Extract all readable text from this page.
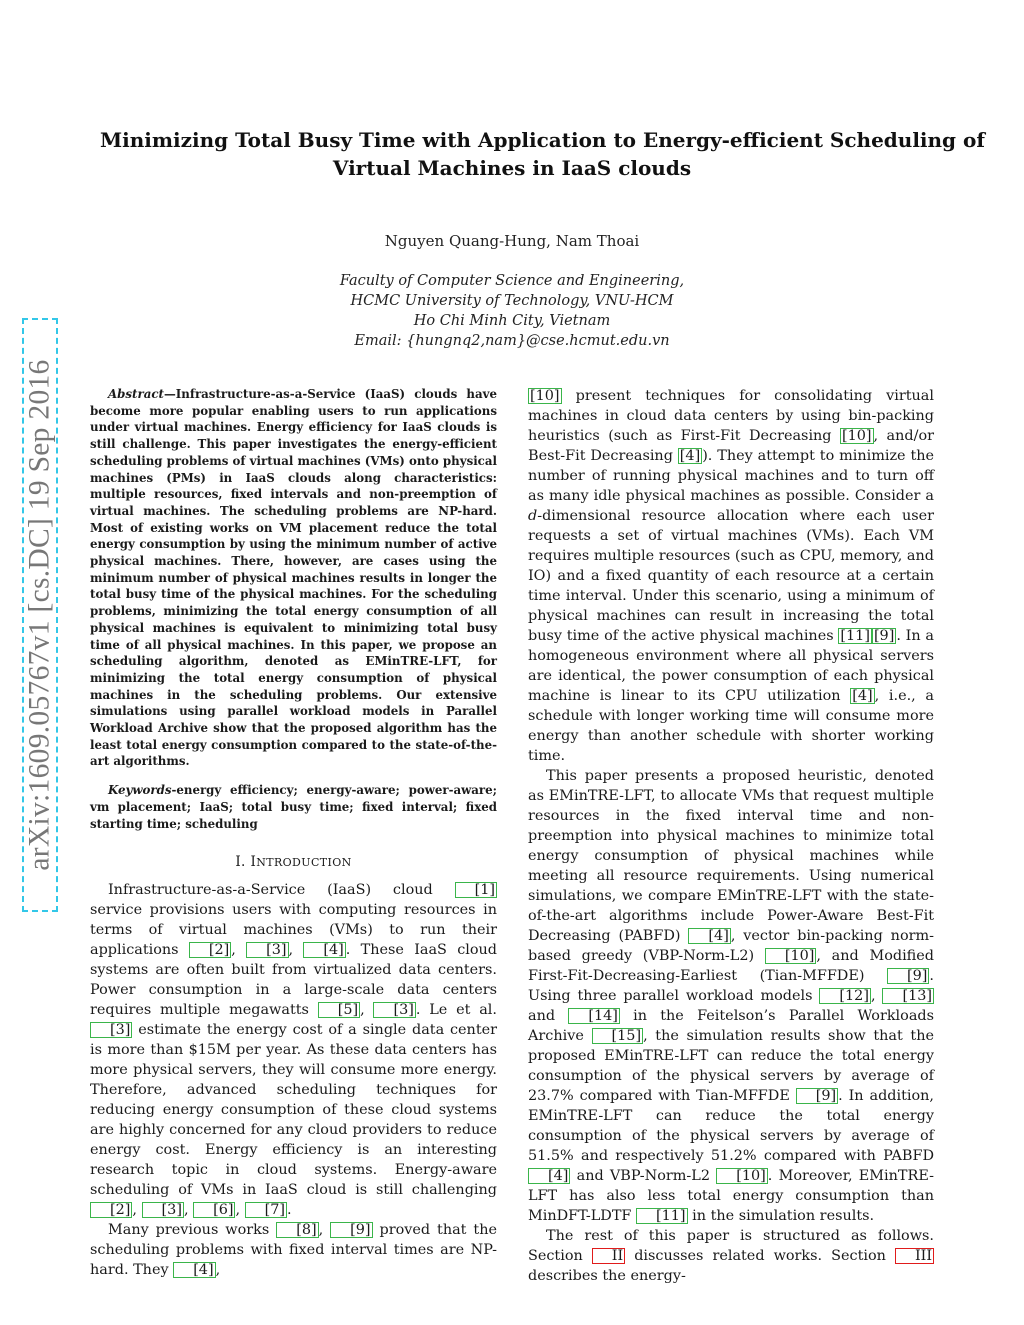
Minimizing Total Busy Time with Application to Energy-efficient Scheduling of
Virtual Machines in IaaS clouds
Nguyen Quang-Hung, Nam Thoai
Faculty of Computer Science and Engineering,
HCMC University of Technology, VNU-HCM
Ho Chi Minh City, Vietnam
Email: {hungnq2,nam}@cse.hcmut.edu.vn
arXiv:1609.05767v1 [cs.DC] 19 Sep 2016	Abstract—Infrastructure-as-a-Service (IaaS) clouds have become more popular enabling users to run applications under virtual machines. Energy efficiency for IaaS clouds is still challenge. This paper investigates the energy-efficient scheduling problems of virtual machines (VMs) onto physical machines (PMs) in IaaS clouds along characteristics: multiple resources, fixed intervals and non-preemption of virtual machines. The scheduling problems are NP-hard. Most of existing works on VM placement reduce the total energy consumption by using the minimum number of active physical machines. There, however, are cases using the minimum number of physical machines results in longer the total busy time of the physical machines. For the scheduling problems, minimizing the total energy consumption of all physical machines is equivalent to minimizing total busy time of all physical machines. In this paper, we propose an scheduling algorithm, denoted as EMinTRE-LFT, for minimizing the total energy consumption of physical machines in the scheduling problems. Our extensive simulations using parallel workload models in Parallel Workload Archive show that the proposed algorithm has the least total energy consumption compared to the state-of-the-art algorithms.

Keywords-energy efficiency; energy-aware; power-aware; vm placement; IaaS; total busy time; fixed interval; fixed starting time; scheduling

I. INTRODUCTION

Infrastructure-as-a-Service (IaaS) cloud [1] service provisions users with computing resources in terms of virtual machines (VMs) to run their applications [2] , [3] , [4] . These IaaS cloud systems are often built from virtualized data centers. Power consumption in a large-scale data centers requires multiple megawatts [5] , [3] . Le et al. [3] estimate the energy cost of a single data center is more than $15M per year. As these data centers has more physical servers, they will consume more energy. Therefore, advanced scheduling techniques for reducing energy consumption of these cloud systems are highly concerned for any cloud providers to reduce energy cost. Energy efficiency is an interesting research topic in cloud systems. Energy-aware scheduling of VMs in IaaS cloud is still challenging [2] , [3] , [6] , [7] .

Many previous works [8] , [9] proved that the scheduling problems with fixed interval times are NP-hard. They [4] ,

[10] present techniques for consolidating virtual machines in cloud data centers by using bin-packing heuristics (such as First-Fit Decreasing [10] , and/or Best-Fit Decreasing [4] ). They attempt to minimize the number of running physical machines and to turn off as many idle physical machines as possible. Consider a d-dimensional resource allocation where each user requests a set of virtual machines (VMs). Each VM requires multiple resources (such as CPU, memory, and IO) and a fixed quantity of each resource at a certain time interval. Under this scenario, using a minimum of physical machines can result in increasing the total busy time of the active physical machines [11] [9] . In a homogeneous environment where all physical servers are identical, the power consumption of each physical machine is linear to its CPU utilization [4] , i.e., a schedule with longer working time will consume more energy than another schedule with shorter working time.

This paper presents a proposed heuristic, denoted as EMinTRE-LFT, to allocate VMs that request multiple resources in the fixed interval time and non-preemption into physical machines to minimize total energy consumption of physical machines while meeting all resource requirements. Using numerical simulations, we compare EMinTRE-LFT with the state-of-the-art algorithms include Power-Aware Best-Fit Decreasing (PABFD) [4] , vector bin-packing norm-based greedy (VBP-Norm-L2) [10] , and Modified First-Fit-Decreasing-Earliest (Tian-MFFDE) [9] . Using three parallel workload models [12] , [13] and [14] in the Feitelson’s Parallel Workloads Archive [15] , the simulation results show that the proposed EMinTRE-LFT can reduce the total energy consumption of the physical servers by average of 23.7% compared with Tian-MFFDE [9] . In addition, EMinTRE-LFT can reduce the total energy consumption of the physical servers by average of 51.5% and respectively 51.2% compared with PABFD [4] and VBP-Norm-L2 [10] . Moreover, EMinTRE-LFT has also less total energy consumption than MinDFT-LDTF [11] in the simulation results.

The rest of this paper is structured as follows. Section II discusses related works. Section III describes the energy-
